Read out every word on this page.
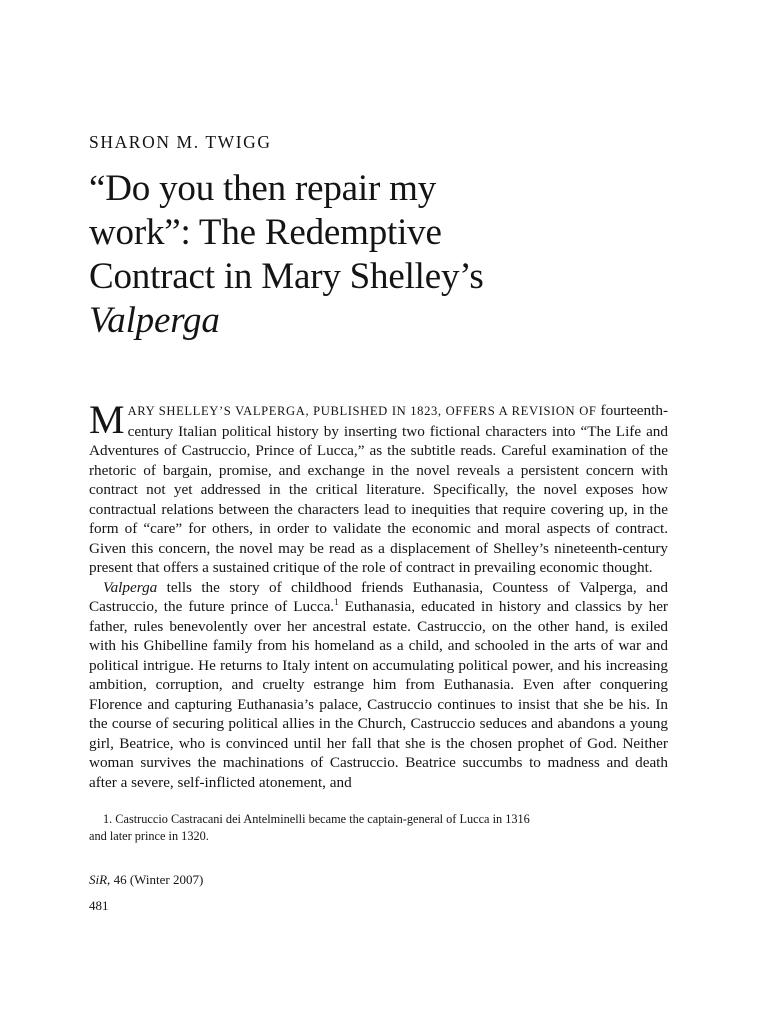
SHARON M. TWIGG
“Do you then repair my
work”: The Redemptive
Contract in Mary Shelley’s
Valperga

MARY SHELLEY’S VALPERGA, PUBLISHED IN 1823, OFFERS A REVISION OF fourteenth-century Italian political history by inserting two fictional characters into “The Life and Adventures of Castruccio, Prince of Lucca,” as the subtitle reads. Careful examination of the rhetoric of bargain, promise, and exchange in the novel reveals a persistent concern with contract not yet addressed in the critical literature. Specifically, the novel exposes how contractual relations between the characters lead to inequities that require covering up, in the form of “care” for others, in order to validate the economic and moral aspects of contract. Given this concern, the novel may be read as a displacement of Shelley’s nineteenth-century present that offers a sustained critique of the role of contract in prevailing economic thought.

Valperga tells the story of childhood friends Euthanasia, Countess of Valperga, and Castruccio, the future prince of Lucca.$^1$ Euthanasia, educated in history and classics by her father, rules benevolently over her ancestral estate. Castruccio, on the other hand, is exiled with his Ghibelline family from his homeland as a child, and schooled in the arts of war and political intrigue. He returns to Italy intent on accumulating political power, and his increasing ambition, corruption, and cruelty estrange him from Euthanasia. Even after conquering Florence and capturing Euthanasia’s palace, Castruccio continues to insist that she be his. In the course of securing political allies in the Church, Castruccio seduces and abandons a young girl, Beatrice, who is convinced until her fall that she is the chosen prophet of God. Neither woman survives the machinations of Castruccio. Beatrice succumbs to madness and death after a severe, self-inflicted atonement, and

1. Castruccio Castracani dei Antelminelli became the captain-general of Lucca in 1316
and later prince in 1320.
SiR, 46 (Winter 2007)
481
